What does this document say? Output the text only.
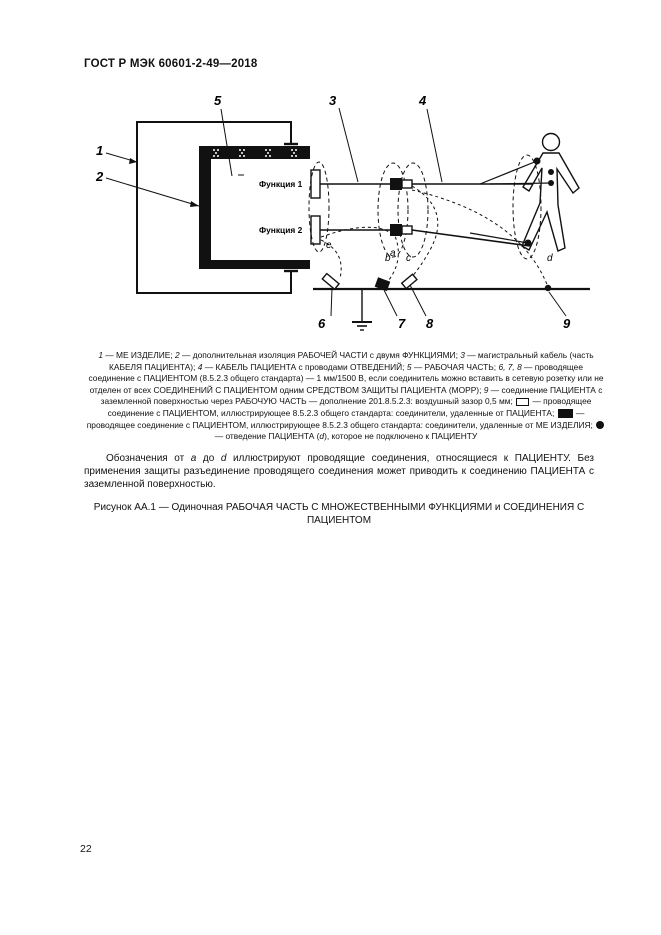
ГОСТ Р МЭК 60601-2-49—2018
Функция 1
Функция 2
1
2
3	4
5
6	7 8	9
a
b c	d
e

1 — МЕ ИЗДЕЛИЕ; 2 — дополнительная изоляция РАБОЧЕЙ ЧАСТИ с двумя ФУНКЦИЯМИ; 3 — магистральный кабель (часть КАБЕЛЯ ПАЦИЕНТА); 4 — КАБЕЛЬ ПАЦИЕНТА с проводами ОТВЕДЕНИЙ; 5 — РАБОЧАЯ ЧАСТЬ; 6, 7, 8 — проводящее соединение с ПАЦИЕНТОМ (8.5.2.3 общего стандарта) — 1 мм/1500 В, если соединитель можно вставить в сетевую розетку или не отделен от всех СОЕДИНЕНИЙ С ПАЦИЕНТОМ одним СРЕДСТВОМ ЗАЩИТЫ ПАЦИЕНТА (МОРР); 9 — соединение ПАЦИЕНТА с заземленной поверхностью через РАБОЧУЮ ЧАСТЬ — дополнение 201.8.5.2.3: воздушный зазор 0,5 мм;  — проводящее соединение с ПАЦИЕНТОМ, иллюстрирующее 8.5.2.3 общего стандарта: соединители, удаленные от ПАЦИЕНТА;  — проводящее соединение с ПАЦИЕНТОМ, иллюстрирующее 8.5.2.3 общего стандарта: соединители, удаленные от МЕ ИЗДЕЛИЯ;  — отведение ПАЦИЕНТА (d), которое не подключено к ПАЦИЕНТУ

Обозначения от a до d иллюстрируют проводящие соединения, относящиеся к ПАЦИЕНТУ. Без применения защиты разъединение проводящего соединения может приводить к соединению ПАЦИЕНТА с заземленной поверхностью.

Рисунок АА.1 — Одиночная РАБОЧАЯ ЧАСТЬ С МНОЖЕСТВЕННЫМИ ФУНКЦИЯМИ и СОЕДИНЕНИЯ С ПАЦИЕНТОМ
22
